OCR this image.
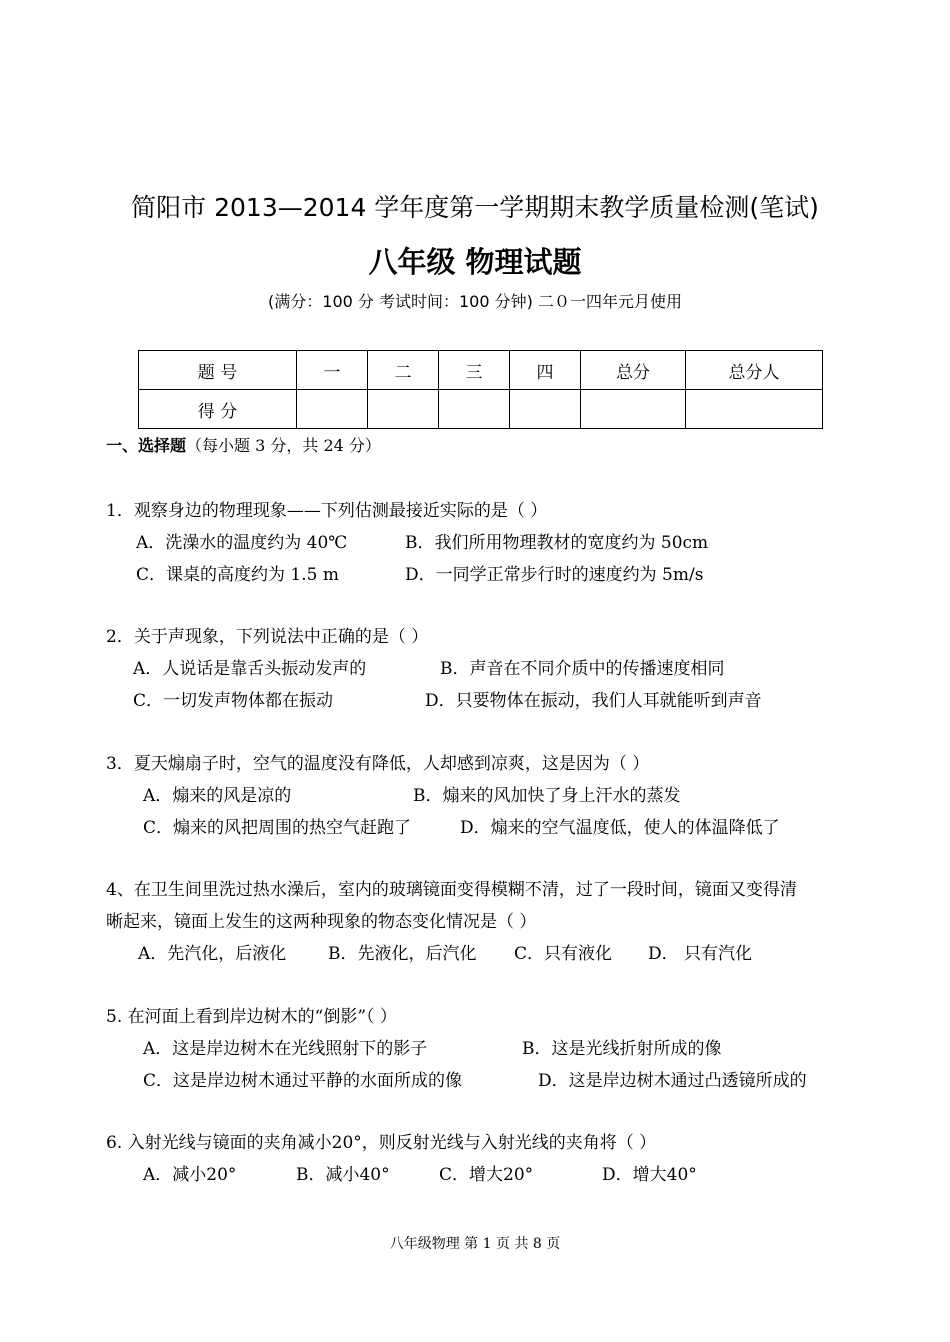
简阳市 2013—2014 学年度第一学期期末教学质量检测(笔试)
八年级 物理试题
(满分：100 分 考试时间：100 分钟) 二０一四年元月使用
题 号	一	二	三	四	总分	总分人
得 分						
一、选择题（每小题 3 分，共 24 分）
1．观察身边的物理现象——下列估测最接近实际的是（ ）
A．洗澡水的温度约为 40℃	B．我们所用物理教材的宽度约为 50cm
C．课桌的高度约为 1.5 m	D．一同学正常步行时的速度约为 5m/s
2．关于声现象，下列说法中正确的是（ ）
A．人说话是靠舌头振动发声的	B．声音在不同介质中的传播速度相同
C．一切发声物体都在振动	D．只要物体在振动，我们人耳就能听到声音
3．夏天煽扇子时，空气的温度没有降低，人却感到凉爽，这是因为（ ）
A．煽来的风是凉的	B．煽来的风加快了身上汗水的蒸发
C．煽来的风把周围的热空气赶跑了	D．煽来的空气温度低，使人的体温降低了
4、在卫生间里洗过热水澡后，室内的玻璃镜面变得模糊不清，过了一段时间，镜面又变得清
晰起来，镜面上发生的这两种现象的物态变化情况是（ ）
A．先汽化，后液化 B．先液化，后汽化 C．只有液化 D． 只有汽化
5. 在河面上看到岸边树木的“倒影”（ ）
A．这是岸边树木在光线照射下的影子	B．这是光线折射所成的像
C．这是岸边树木通过平静的水面所成的像	D．这是岸边树木通过凸透镜所成的
6. 入射光线与镜面的夹角减小20°，则反射光线与入射光线的夹角将（ ）
A．减小20°	B．减小40°	C．增大20°	D．增大40°
八年级物理 第 1 页 共 8 页
